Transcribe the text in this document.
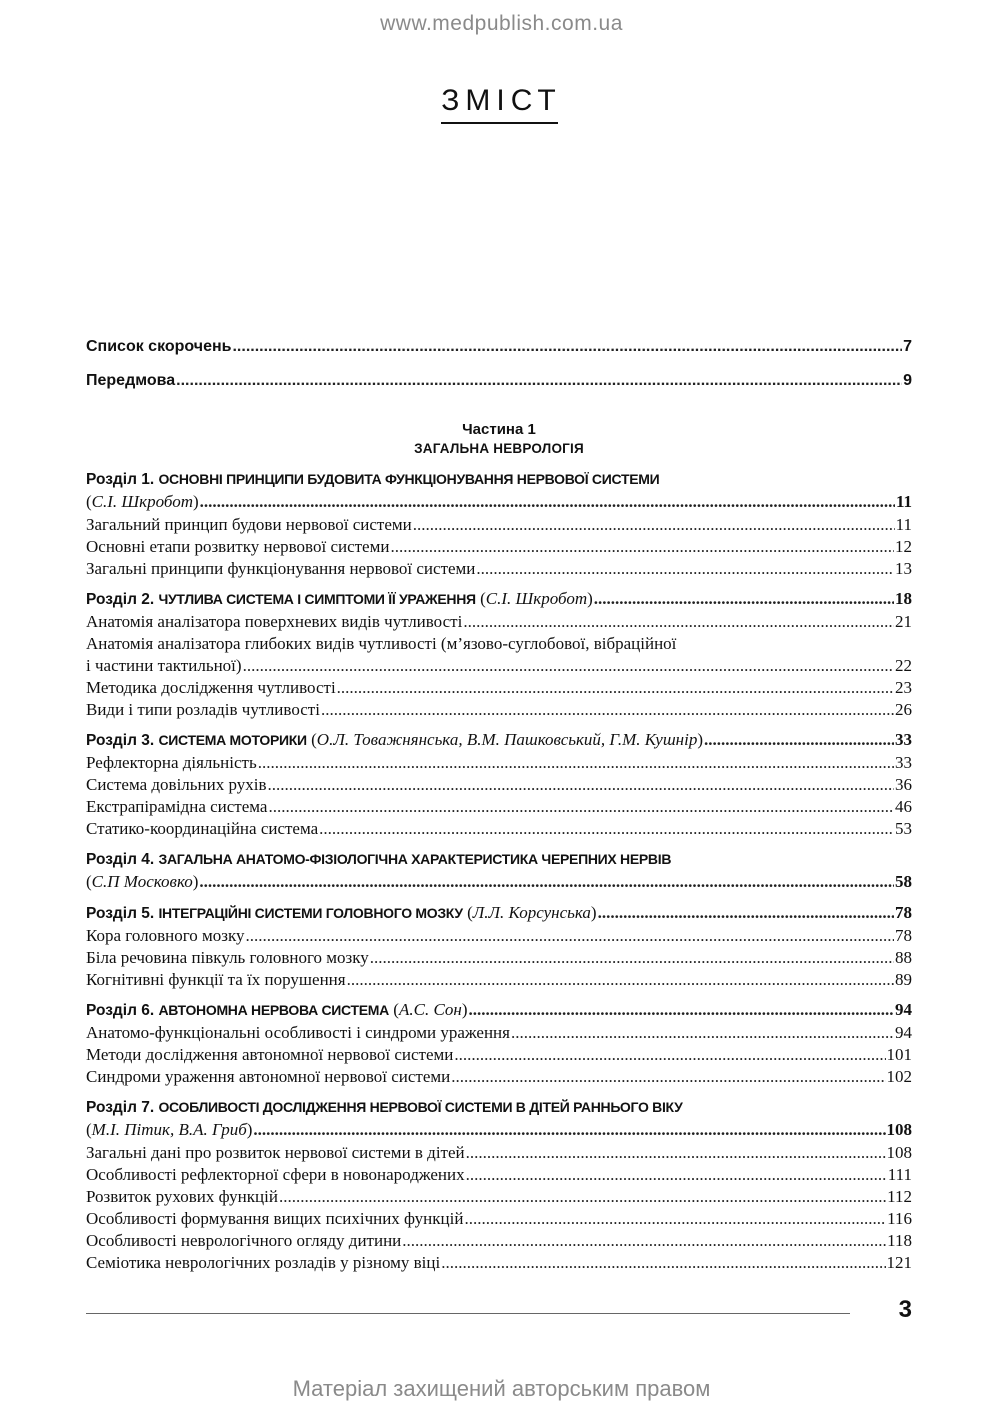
www.medpublish.com.ua
ЗМІСТ
Список скорочень .....	7
Передмова .....	9
Частина 1
ЗАГАЛЬНА НЕВРОЛОГІЯ
Розділ 1. ОСНОВНІ ПРИНЦИПИ БУДОВИТА ФУНКЦІОНУВАННЯ НЕРВОВОЇ СИСТЕМИ
(С.І. Шкробот) .....	11
Загальний принцип будови нервової системи .....	11
Основні етапи розвитку нервової системи .....	12
Загальні принципи функціонування нервової системи .....	13
Розділ 2. ЧУТЛИВА СИСТЕМА І СИМПТОМИ ЇЇ УРАЖЕННЯ (С.І. Шкробот) .....	18
Анатомія аналізатора поверхневих видів чутливості .....	21
Анатомія аналізатора глибоких видів чутливості (м’язово-суглобової, вібраційної
і частини тактильної) .....	22
Методика дослідження чутливості .....	23
Види і типи розладів чутливості .....	26
Розділ 3. СИСТЕМА МОТОРИКИ (О.Л. Товажнянська, В.М. Пашковський, Г.М. Кушнір) .....	33
Рефлекторна діяльність .....	33
Система довільних рухів .....	36
Екстрапірамідна система .....	46
Статико-координаційна система .....	53
Розділ 4. ЗАГАЛЬНА АНАТОМО-ФІЗІОЛОГІЧНА ХАРАКТЕРИСТИКА ЧЕРЕПНИХ НЕРВІВ
(С.П Московко) .....	58
Розділ 5. ІНТЕГРАЦІЙНІ СИСТЕМИ ГОЛОВНОГО МОЗКУ (Л.Л. Корсунська) .....	78
Кора головного мозку .....	78
Біла речовина півкуль головного мозку .....	88
Когнітивні функції та їх порушення .....	89
Розділ 6. АВТОНОМНА НЕРВОВА СИСТЕМА (А.С. Сон) .....	94
Анатомо-функціональні особливості і синдроми ураження .....	94
Методи дослідження автономної нервової системи .....	101
Синдроми ураження автономної нервової системи .....	102
Розділ 7. ОСОБЛИВОСТІ ДОСЛІДЖЕННЯ НЕРВОВОЇ СИСТЕМИ В ДІТЕЙ РАННЬОГО ВІКУ
(М.І. Пітик, В.А. Гриб) .....	108
Загальні дані про розвиток нервової системи в дітей .....	108
Особливості рефлекторної сфери в новонароджених .....	111
Розвиток рухових функцій .....	112
Особливості формування вищих психічних функцій .....	116
Особливості неврологічного огляду дитини .....	118
Семіотика неврологічних розладів у різному віці .....	121
3
Матеріал захищений авторським правом
